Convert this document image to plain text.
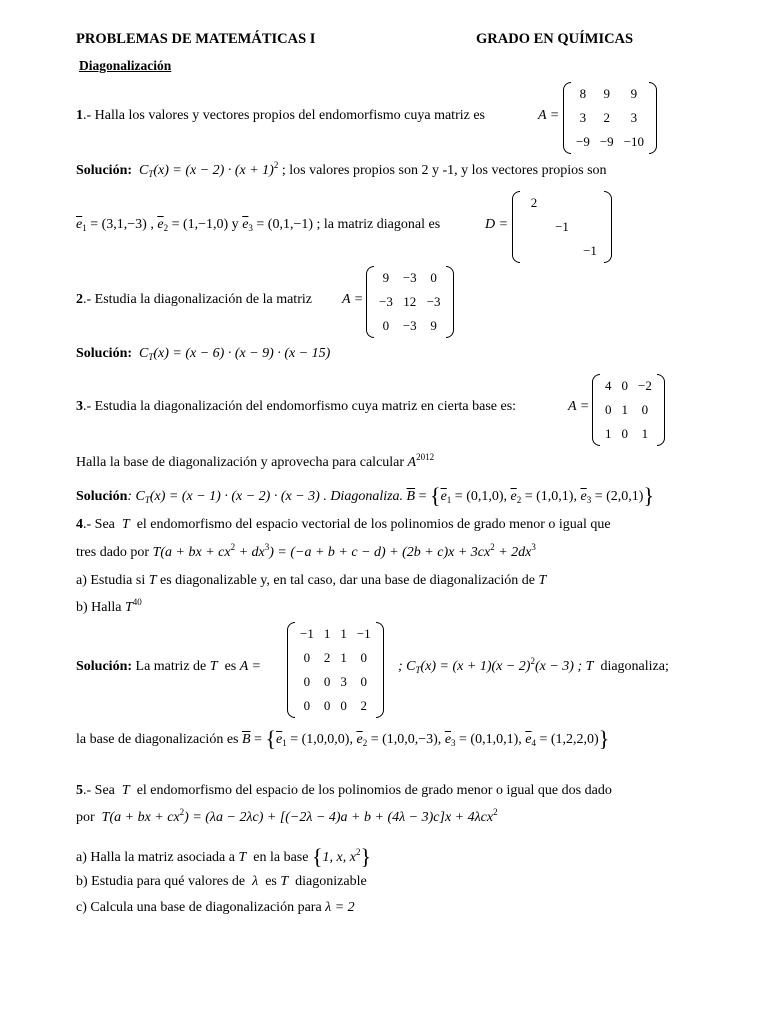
PROBLEMAS DE MATEMÁTICAS I	GRADO EN QUÍMICAS
Diagonalización
1.- Halla los valores y vectores propios del endomorfismo cuya matriz es	A =
8	9	9
3	2	3
−9	−9	−10
Solución: $C_T(x) = (x - 2) \cdot (x + 1)^2$ ; los valores propios son 2 y -1, y los vectores propios son
$\overline{e}_1 = (3,1,-3)$ , $\overline{e}_2 = (1,-1,0)$ y $\overline{e}_3 = (0,1,-1)$ ; la matriz diagonal es	D =
2		
	−1	
		−1
2.- Estudia la diagonalización de la matriz A =
9	−3	0
−3	12	−3
0	−3	9
Solución: $C_T(x) = (x - 6) \cdot (x - 9) \cdot (x - 15)$
3.- Estudia la diagonalización del endomorfismo cuya matriz en cierta base es:	A =
4	0	−2
0	1	0
1	0	1
Halla la base de diagonalización y aprovecha para calcular $A^{2012}$
Solución: $C_T(x) = (x - 1) \cdot (x - 2) \cdot (x - 3)$ . Diagonaliza. $\overline{B} = \{\overline{e}_1 = (0,1,0)$, $\overline{e}_2 = (1,0,1)$, $\overline{e}_3 = (2,0,1)$}
4.- Sea T el endomorfismo del espacio vectorial de los polinomios de grado menor o igual que
tres dado por T(a + bx + $cx^2 + dx^3) = (-a + b + c - d) + (2b + c)x + 3cx^2 + 2dx^3$
a) Estudia si T es diagonalizable y, en tal caso, dar una base de diagonalización de T
b) Halla $T^{40}$
Solución: La matriz de T es A =
−1	1	1	−1
0	2	1	0
0	0	3	0
0	0	0	2
; $C_T(x) = (x + 1)(x - 2)^2(x - 3)$ ; T diagonaliza;
la base de diagonalización es $\overline{B} = \{\overline{e}_1 = (1,0,0,0)$, $\overline{e}_2 = (1,0,0,-3)$, $\overline{e}_3 = (0,1,0,1)$, $\overline{e}_4 = (1,2,2,0)$}
5.- Sea T el endomorfismo del espacio de los polinomios de grado menor o igual que dos dado
por T(a + bx + $cx^2) = (\lambda a - 2\lambda c) + [(-2\lambda - 4)a + b + (4\lambda - 3)c]x + 4\lambda cx^2$
a) Halla la matriz asociada a T en la base {1, x, $x^2$}
b) Estudia para qué valores de λ es T diagonizable
c) Calcula una base de diagonalización para λ = 2
